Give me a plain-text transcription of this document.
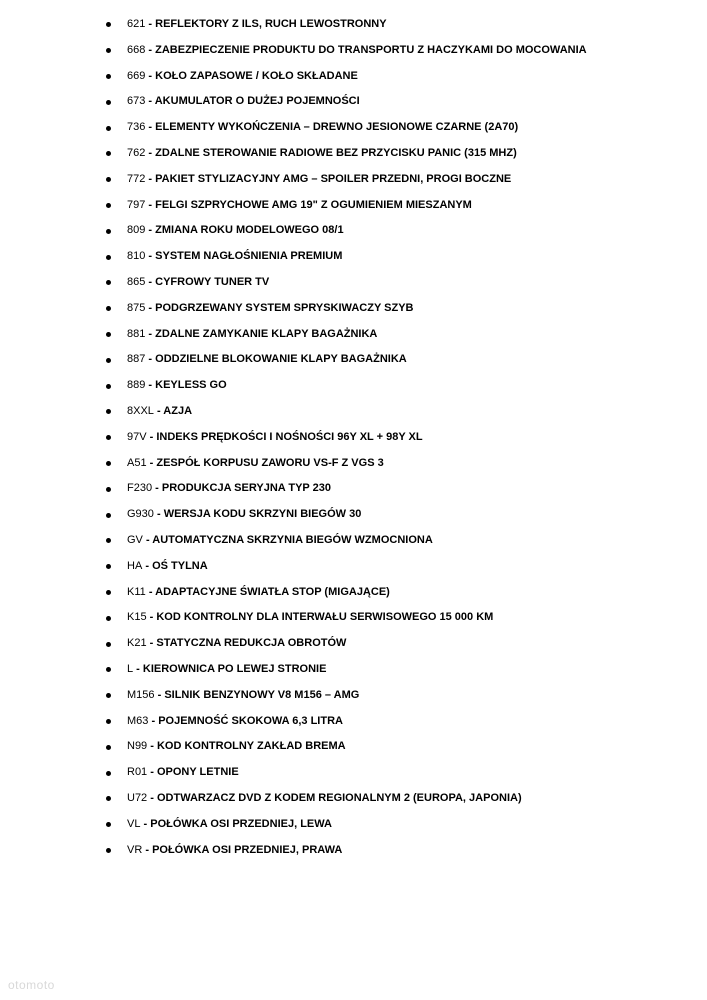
621 - REFLEKTORY Z ILS, RUCH LEWOSTRONNY
668 - ZABEZPIECZENIE PRODUKTU DO TRANSPORTU Z HACZYKAMI DO MOCOWANIA
669 - KOŁO ZAPASOWE / KOŁO SKŁADANE
673 - AKUMULATOR O DUŻEJ POJEMNOŚCI
736 - ELEMENTY WYKOŃCZENIA – DREWNO JESIONOWE CZARNE (2A70)
762 - ZDALNE STEROWANIE RADIOWE BEZ PRZYCISKU PANIC (315 MHZ)
772 - PAKIET STYLIZACYJNY AMG – SPOILER PRZEDNI, PROGI BOCZNE
797 - FELGI SZPRYCHOWE AMG 19" Z OGUMIENIEM MIESZANYM
809 - ZMIANA ROKU MODELOWEGO 08/1
810 - SYSTEM NAGŁOŚNIENIA PREMIUM
865 - CYFROWY TUNER TV
875 - PODGRZEWANY SYSTEM SPRYSKIWACZY SZYB
881 - ZDALNE ZAMYKANIE KLAPY BAGAŻNIKA
887 - ODDZIELNE BLOKOWANIE KLAPY BAGAŻNIKA
889 - KEYLESS GO
8XXL - AZJA
97V - INDEKS PRĘDKOŚCI I NOŚNOŚCI 96Y XL + 98Y XL
A51 - ZESPÓŁ KORPUSU ZAWORU VS-F Z VGS 3
F230 - PRODUKCJA SERYJNA TYP 230
G930 - WERSJA KODU SKRZYNI BIEGÓW 30
GV - AUTOMATYCZNA SKRZYNIA BIEGÓW WZMOCNIONA
HA - OŚ TYLNA
K11 - ADAPTACYJNE ŚWIATŁA STOP (MIGAJĄCE)
K15 - KOD KONTROLNY DLA INTERWAŁU SERWISOWEGO 15 000 KM
K21 - STATYCZNA REDUKCJA OBROTÓW
L - KIEROWNICA PO LEWEJ STRONIE
M156 - SILNIK BENZYNOWY V8 M156 – AMG
M63 - POJEMNOŚĆ SKOKOWA 6,3 LITRA
N99 - KOD KONTROLNY ZAKŁAD BREMA
R01 - OPONY LETNIE
U72 - ODTWARZACZ DVD Z KODEM REGIONALNYM 2 (EUROPA, JAPONIA)
VL - POŁÓWKA OSI PRZEDNIEJ, LEWA
VR - POŁÓWKA OSI PRZEDNIEJ, PRAWA
otomoto
